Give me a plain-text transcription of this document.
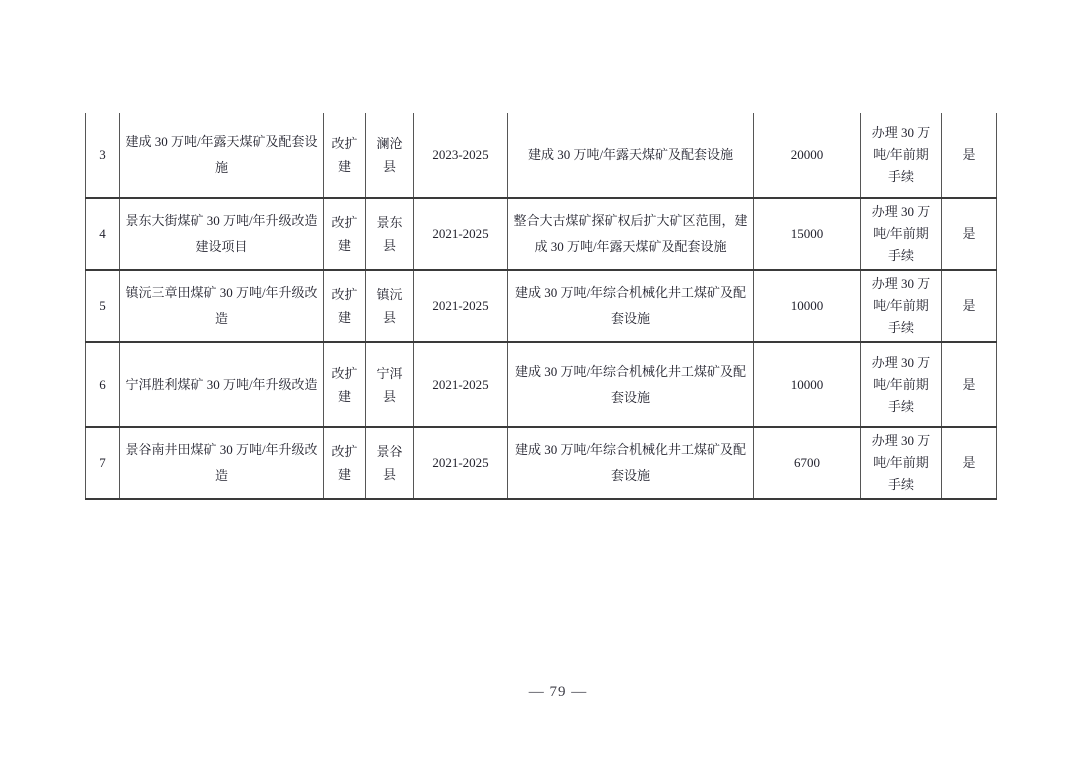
3	建成 30 万吨/年露天煤矿及配套设施	改扩建	澜沧县	2023-2025	建成 30 万吨/年露天煤矿及配套设施	20000	办理 30 万吨/年前期手续	是
4	景东大街煤矿 30 万吨/年升级改造建设项目	改扩建	景东县	2021-2025	整合大古煤矿探矿权后扩大矿区范围，建成 30 万吨/年露天煤矿及配套设施	15000	办理 30 万吨/年前期手续	是
5	镇沅三章田煤矿 30 万吨/年升级改造	改扩建	镇沅县	2021-2025	建成 30 万吨/年综合机械化井工煤矿及配套设施	10000	办理 30 万吨/年前期手续	是
6	宁洱胜利煤矿 30 万吨/年升级改造	改扩建	宁洱县	2021-2025	建成 30 万吨/年综合机械化井工煤矿及配套设施	10000	办理 30 万吨/年前期手续	是
7	景谷南井田煤矿 30 万吨/年升级改造	改扩建	景谷县	2021-2025	建成 30 万吨/年综合机械化井工煤矿及配套设施	6700	办理 30 万吨/年前期手续	是
— 79 —
